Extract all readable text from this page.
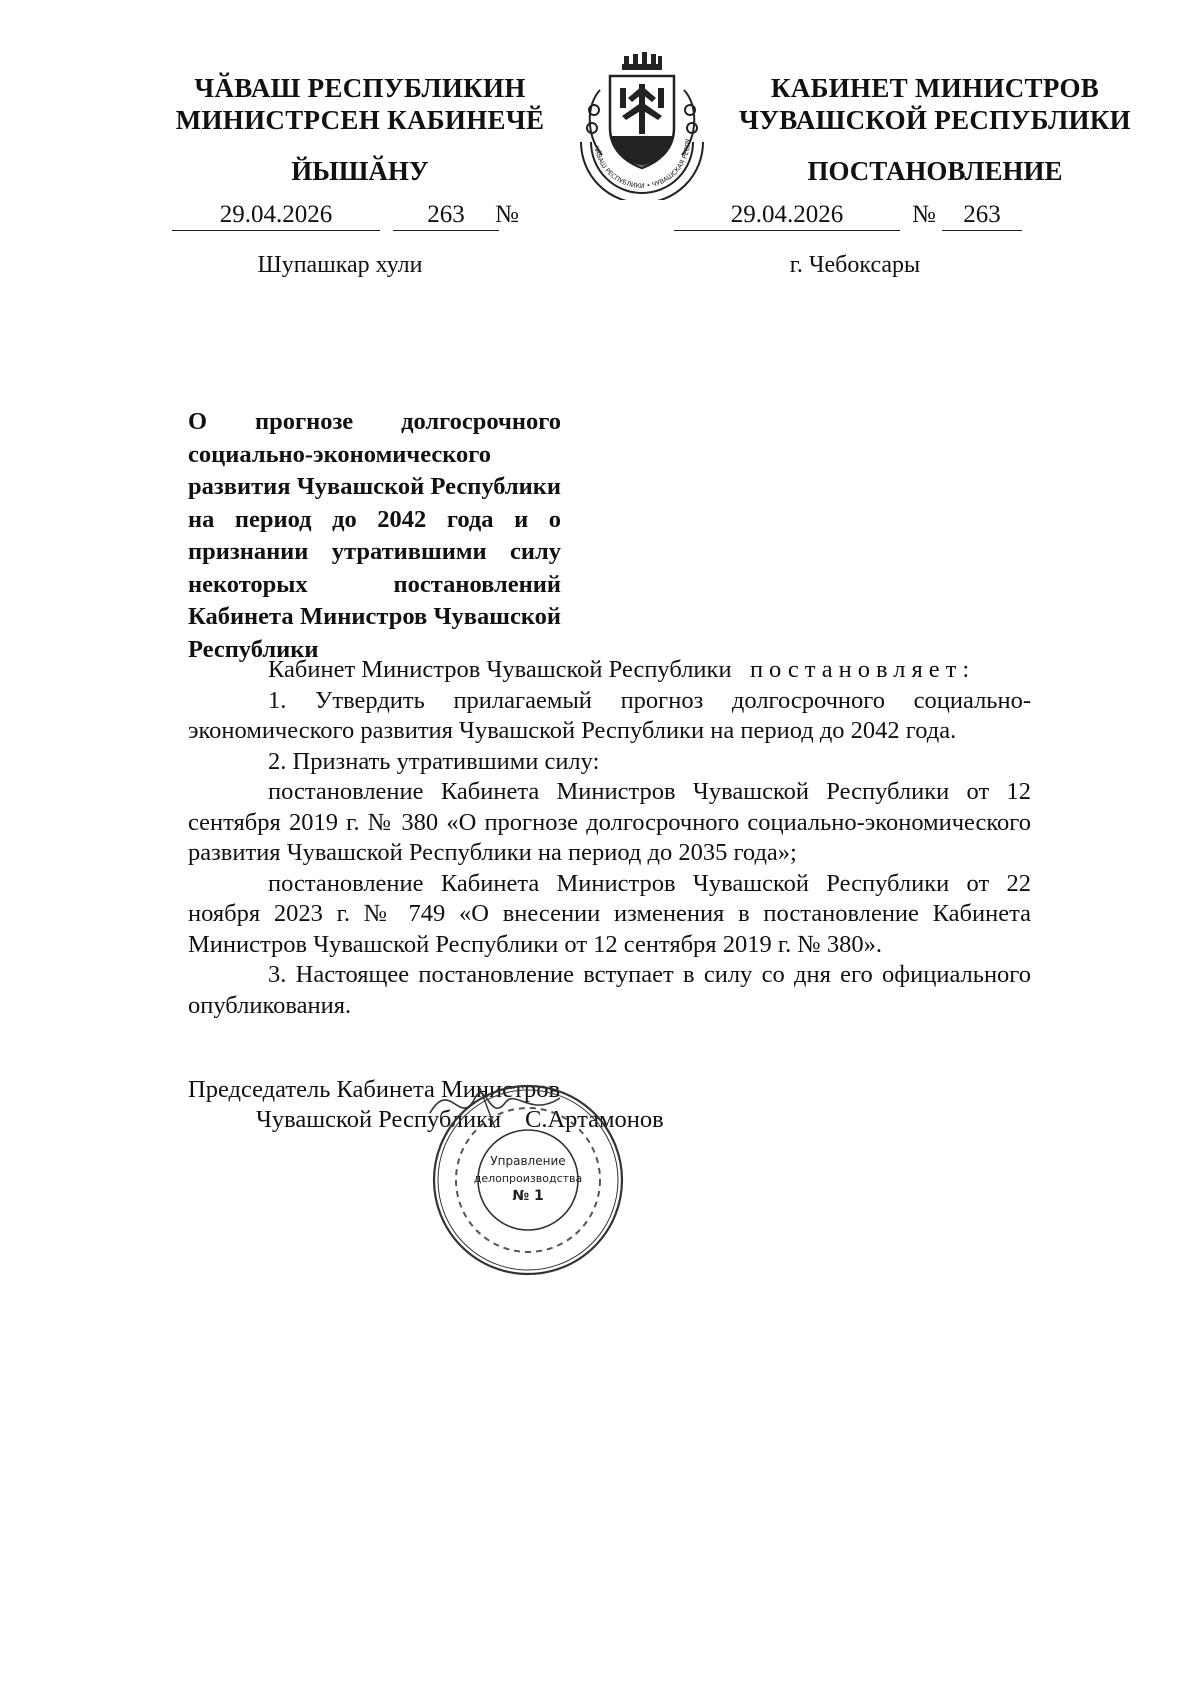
ЧӐВАШ РЕСПУБЛИКИН
МИНИСТРСЕН КАБИНЕЧӖ
ЙЫШӐНУ
КАБИНЕТ МИНИСТРОВ
ЧУВАШСКОЙ РЕСПУБЛИКИ
ПОСТАНОВЛЕНИЕ
ЧĂВАШ РЕСПУБЛИКИ • ЧУВАШСКАЯ РЕСПУ
29.04.2026	263	№	29.04.2026	№	263
Шупашкар хули	г. Чебоксары
О прогнозе долгосрочного социально-экономического развития Чувашской Республики на период до 2042 года и о признании утратившими силу некоторых постановлений Кабинета Министров Чувашской Республики

Кабинет Министров Чувашской Республики постановляет:

1. Утвердить прилагаемый прогноз долгосрочного социально-экономического развития Чувашской Республики на период до 2042 года.

2. Признать утратившими силу:

постановление Кабинета Министров Чувашской Республики от 12 сентября 2019 г. № 380 «О прогнозе долгосрочного социально-экономического развития Чувашской Республики на период до 2035 года»;

постановление Кабинета Министров Чувашской Республики от 22 ноября 2023 г. № 749 «О внесении изменения в постановление Кабинета Министров Чувашской Республики от 12 сентября 2019 г. № 380».

3. Настоящее постановление вступает в силу со дня его официального опубликования.

Председатель Кабинета Министров
Чувашской Республики С.Артамонов
Управление
делопроизводства
№ 1
